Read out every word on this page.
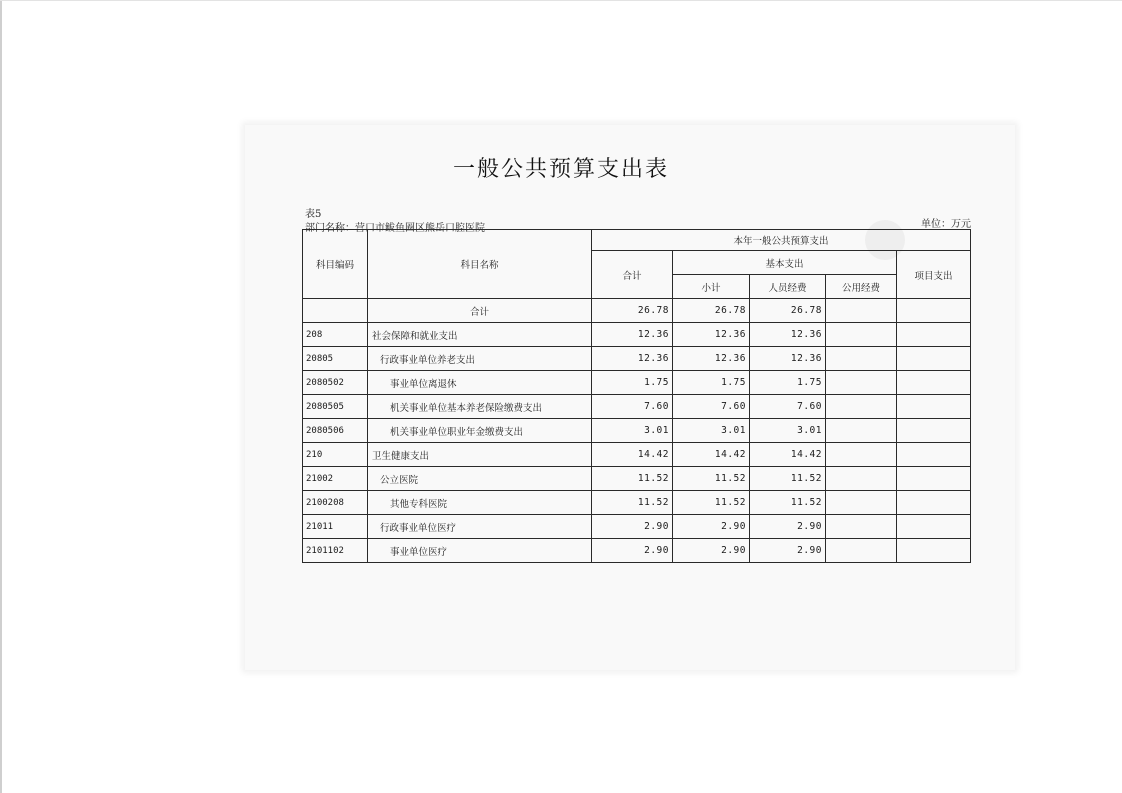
一般公共预算支出表
表5
部门名称：营口市鲅鱼圈区熊岳口腔医院	单位：万元
科目编码	科目名称	本年一般公共预算支出				
		合计	基本支出			项目支出
			小计	人员经费	公用经费	
	合计	26.78	26.78	26.78		
208	社会保障和就业支出	12.36	12.36	12.36		
20805	行政事业单位养老支出	12.36	12.36	12.36		
2080502	事业单位离退休	1.75	1.75	1.75		
2080505	机关事业单位基本养老保险缴费支出	7.60	7.60	7.60		
2080506	机关事业单位职业年金缴费支出	3.01	3.01	3.01		
210	卫生健康支出	14.42	14.42	14.42		
21002	公立医院	11.52	11.52	11.52		
2100208	其他专科医院	11.52	11.52	11.52		
21011	行政事业单位医疗	2.90	2.90	2.90		
2101102	事业单位医疗	2.90	2.90	2.90		
